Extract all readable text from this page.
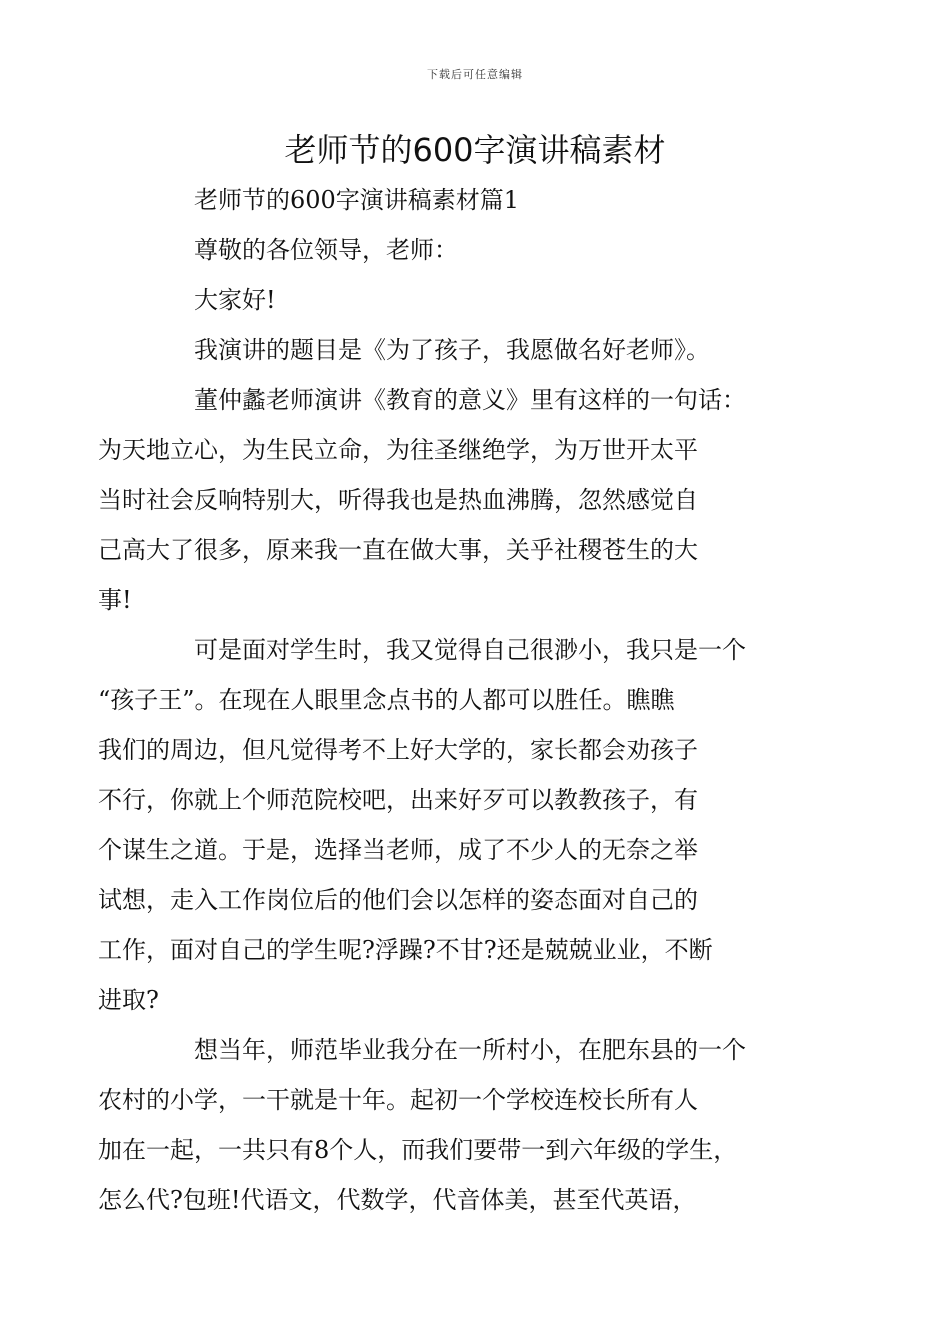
下载后可任意编辑
老师节的600字演讲稿素材

老师节的600字演讲稿素材篇1

尊敬的各位领导，老师：

大家好!

我演讲的题目是《为了孩子，我愿做名好老师》。

董仲蠡老师演讲《教育的意义》里有这样的一句话：
为天地立心，为生民立命，为往圣继绝学，为万世开太平
当时社会反响特别大，听得我也是热血沸腾，忽然感觉自
己高大了很多，原来我一直在做大事，关乎社稷苍生的大
事!

可是面对学生时，我又觉得自己很渺小，我只是一个
“孩子王”。在现在人眼里念点书的人都可以胜任。瞧瞧
我们的周边，但凡觉得考不上好大学的，家长都会劝孩子
不行，你就上个师范院校吧，出来好歹可以教教孩子，有
个谋生之道。于是，选择当老师，成了不少人的无奈之举
试想，走入工作岗位后的他们会以怎样的姿态面对自己的
工作，面对自己的学生呢?浮躁?不甘?还是兢兢业业，不断
进取?

想当年，师范毕业我分在一所村小，在肥东县的一个
农村的小学，一干就是十年。起初一个学校连校长所有人
加在一起，一共只有8个人，而我们要带一到六年级的学生，
怎么代?包班!代语文，代数学，代音体美，甚至代英语，
